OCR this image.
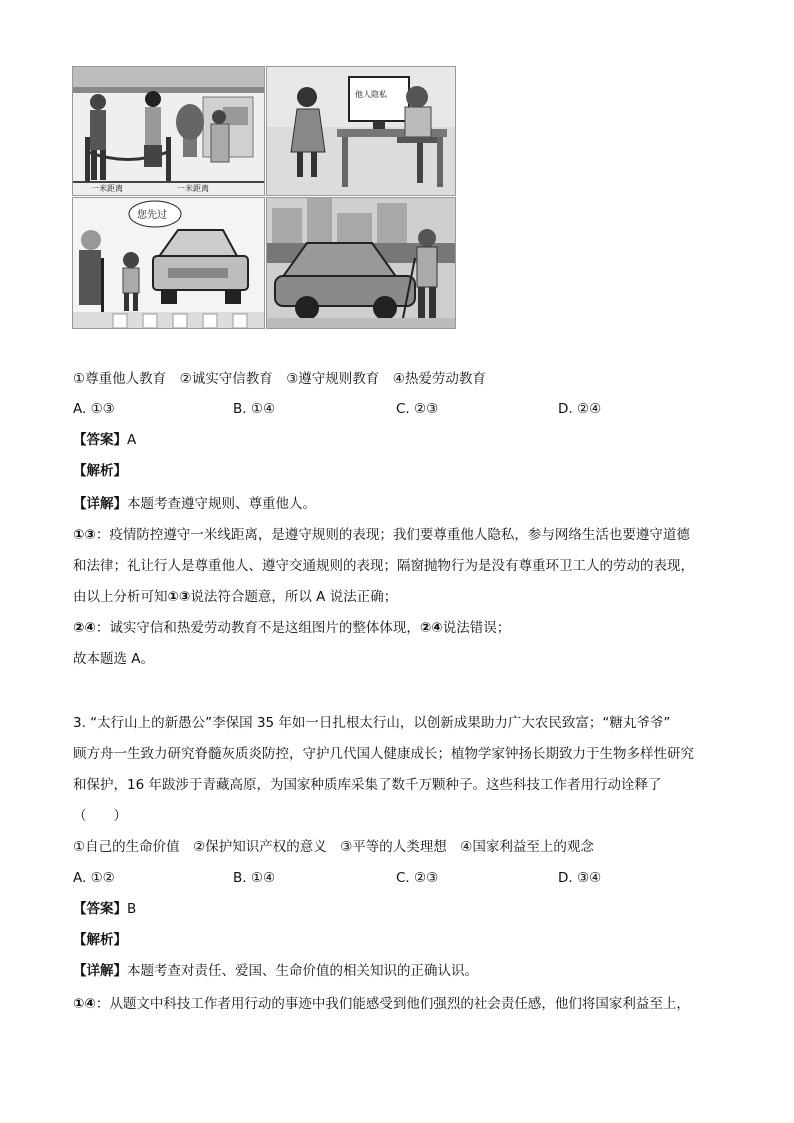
一米距离	一米距离
他人隐私
您先过
①尊重他人教育　②诚实守信教育　③遵守规则教育　④热爱劳动教育
A. ①③	B. ①④	C. ②③	D. ②④
【答案】A
【解析】
【详解】本题考查遵守规则、尊重他人。
①③：疫情防控遵守一米线距离，是遵守规则的表现；我们要尊重他人隐私，参与网络生活也要遵守道德
和法律；礼让行人是尊重他人、遵守交通规则的表现；隔窗抛物行为是没有尊重环卫工人的劳动的表现，
由以上分析可知①③说法符合题意，所以 A 说法正确；
②④：诚实守信和热爱劳动教育不是这组图片的整体体现，②④说法错误；
故本题选 A。
3. “太行山上的新愚公”李保国 35 年如一日扎根太行山，以创新成果助力广大农民致富；“糖丸爷爷”
顾方舟一生致力研究脊髓灰质炎防控，守护几代国人健康成长；植物学家钟扬长期致力于生物多样性研究
和保护，16 年跋涉于青藏高原，为国家种质库采集了数千万颗种子。这些科技工作者用行动诠释了
（　　）
①自己的生命价值　②保护知识产权的意义　③平等的人类理想　④国家利益至上的观念
A. ①②	B. ①④	C. ②③	D. ③④
【答案】B
【解析】
【详解】本题考查对责任、爱国、生命价值的相关知识的正确认识。
①④：从题文中科技工作者用行动的事迹中我们能感受到他们强烈的社会责任感，他们将国家利益至上，
